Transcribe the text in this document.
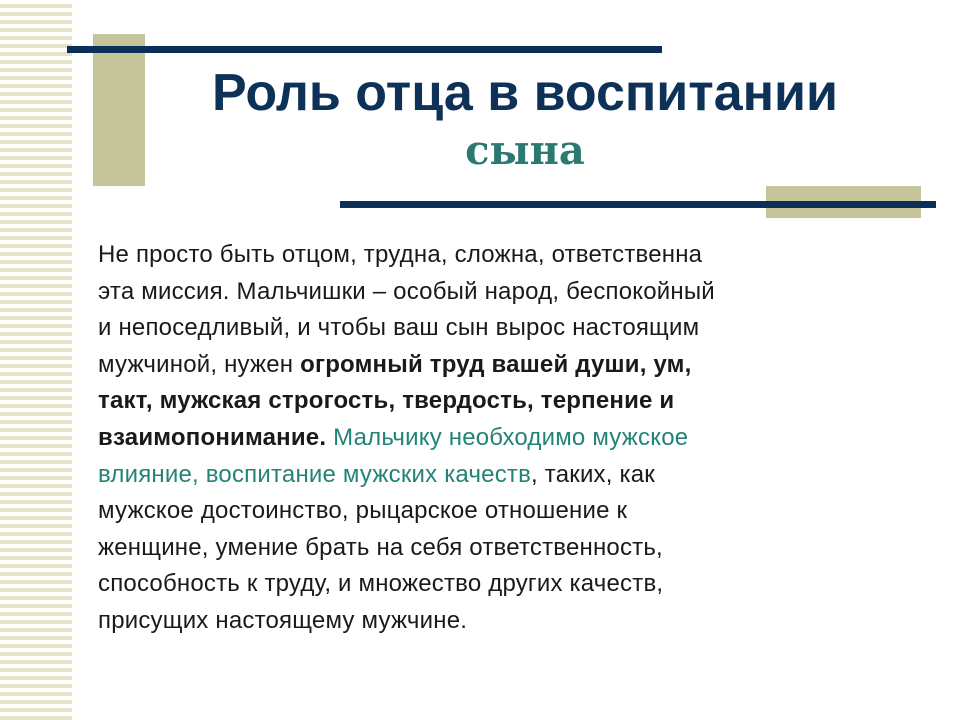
Роль отца в воспитании
сына
Не просто быть отцом, трудна, сложна, ответственна
эта миссия. Мальчишки – особый народ, беспокойный
и непоседливый, и чтобы ваш сын вырос настоящим
мужчиной, нужен огромный труд вашей души, ум,
такт, мужская строгость, твердость, терпение и
взаимопонимание. Мальчику необходимо мужское
влияние, воспитание мужских качеств, таких, как
мужское достоинство, рыцарское отношение к
женщине, умение брать на себя ответственность,
способность к труду, и множество других качеств,
присущих настоящему мужчине.
